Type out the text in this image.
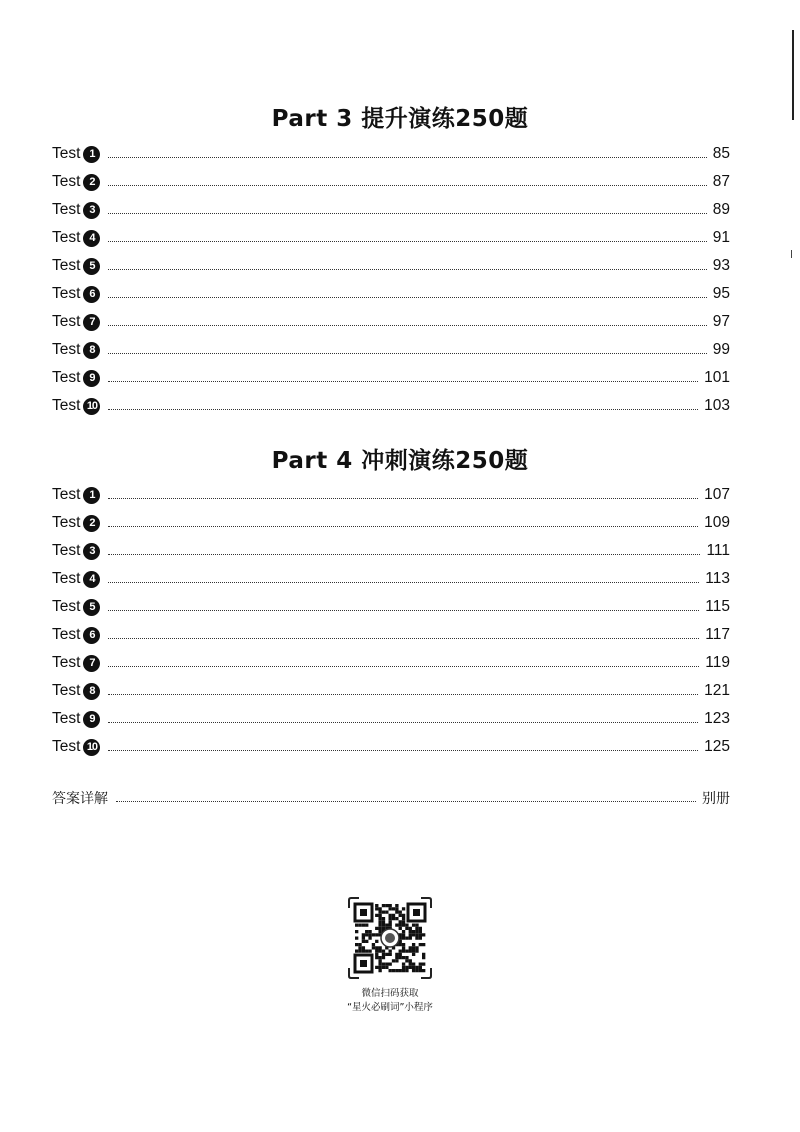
Part 3 提升演练250题
Test 1	85
Test 2	87
Test 3	89
Test 4	91
Test 5	93
Test 6	95
Test 7	97
Test 8	99
Test 9	101
Test 10	103
Part 4 冲刺演练250题
Test 1	107
Test 2	109
Test 3	111
Test 4	113
Test 5	115
Test 6	117
Test 7	119
Test 8	121
Test 9	123
Test 10	125
答案详解	别册
微信扫码获取
“星火必刷词”小程序
